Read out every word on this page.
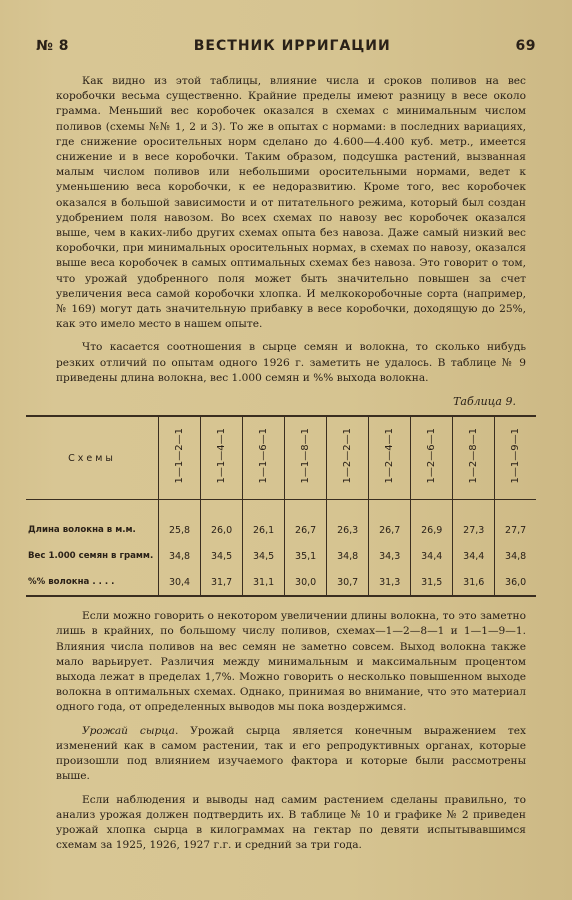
№ 8	ВЕСТНИК ИРРИГАЦИИ	69

Как видно из этой таблицы, влияние числа и сроков поливов на вес коробочки весьма существенно. Крайние пределы имеют разницу в весе около грамма. Меньший вес коробочек оказался в схемах с минимальным числом поливов (схемы №№ 1, 2 и 3). То же в опытах с нормами: в последних вариациях, где снижение оросительных норм сделано до 4.600—4.400 куб. метр., имеется снижение и в весе коробочки. Таким образом, подсушка растений, вызванная малым числом поливов или небольшими оросительными нормами, ведет к уменьшению веса коробочки, к ее недоразвитию. Кроме того, вес коробочек оказался в большой зависимости и от питательного режима, который был создан удобрением поля навозом. Во всех схемах по навозу вес коробочек оказался выше, чем в каких-либо других схемах опыта без навоза. Даже самый низкий вес коробочки, при минимальных оросительных нормах, в схемах по навозу, оказался выше веса коробочек в самых оптимальных схемах без навоза. Это говорит о том, что урожай удобренного поля может быть значительно повышен за счет увеличения веса самой коробочки хлопка. И мелкокоробочные сорта (например, № 169) могут дать значительную прибавку в весе коробочки, доходящую до 25%, как это имело место в нашем опыте.

Что касается соотношения в сырце семян и волокна, то сколько нибудь резких отличий по опытам одного 1926 г. заметить не удалось. В таблице № 9 приведены длина волокна, вес 1.000 семян и %% выхода волокна.

Таблица 9.
Схемы	1—1—2—1	1—1—4—1	1—1—6—1	1—1—8—1	1—2—2—1	1—2—4—1	1—2—6—1	1—2—8—1	1—1—9—1
Длина волокна в м.м.	25,8	26,0	26,1	26,7	26,3	26,7	26,9	27,3	27,7
Вес 1.000 семян в грамм.	34,8	34,5	34,5	35,1	34,8	34,3	34,4	34,4	34,8
%% волокна . . . .	30,4	31,7	31,1	30,0	30,7	31,3	31,5	31,6	36,0

Если можно говорить о некотором увеличении длины волокна, то это заметно лишь в крайних, по большому числу поливов, схемах—1—2—8—1 и 1—1—9—1. Влияния числа поливов на вес семян не заметно совсем. Выход волокна также мало варьирует. Различия между минимальным и максимальным процентом выхода лежат в пределах 1,7%. Можно говорить о несколько повышенном выходе волокна в оптимальных схемах. Однако, принимая во внимание, что это материал одного года, от определенных выводов мы пока воздержимся.

Урожай сырца. Урожай сырца является конечным выражением тех изменений как в самом растении, так и его репродуктивных органах, которые произошли под влиянием изучаемого фактора и которые были рассмотрены выше.

Если наблюдения и выводы над самим растением сделаны правильно, то анализ урожая должен подтвердить их. В таблице № 10 и графике № 2 приведен урожай хлопка сырца в килограммах на гектар по девяти испытывавшимся схемам за 1925, 1926, 1927 г.г. и средний за три года.
